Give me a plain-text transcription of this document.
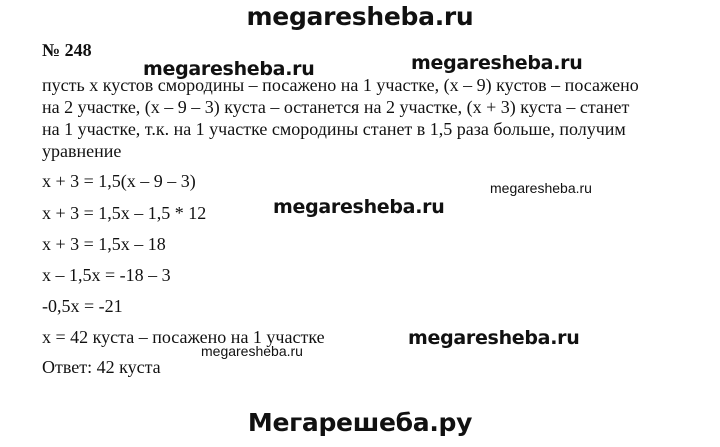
megaresheba.ru
№ 248
пусть х кустов смородины – посажено на 1 участке, (х – 9) кустов – посажено
на 2 участке, (х – 9 – 3) куста – останется на 2 участке, (х + 3) куста – станет
на 1 участке, т.к. на 1 участке смородины станет в 1,5 раза больше, получим
уравнение
х + 3 = 1,5(х – 9 – 3)
х + 3 = 1,5х – 1,5 * 12
х + 3 = 1,5х – 18
х – 1,5х = -18 – 3
-0,5х = -21
х = 42 куста – посажено на 1 участке
Ответ: 42 куста
megaresheba.ru	megaresheba.ru
megaresheba.ru
megaresheba.ru
megaresheba.ru
megaresheba.ru
Мегарешеба.ру
